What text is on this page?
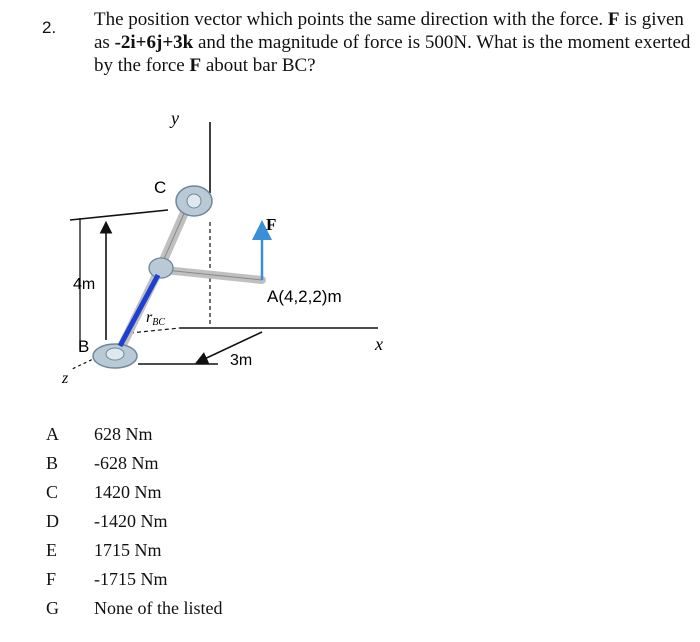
2. The position vector which points the same direction with the force. F is given as -2i+6j+3k and the magnitude of force is 500N. What is the moment exerted by the force F about bar BC?
y
C
F
4m
A(4,2,2)m
rBC
B	x
z
3m
A	628 Nm
B	-628 Nm
C	1420 Nm
D	-1420 Nm
E	1715 Nm
F	-1715 Nm
G	None of the listed
